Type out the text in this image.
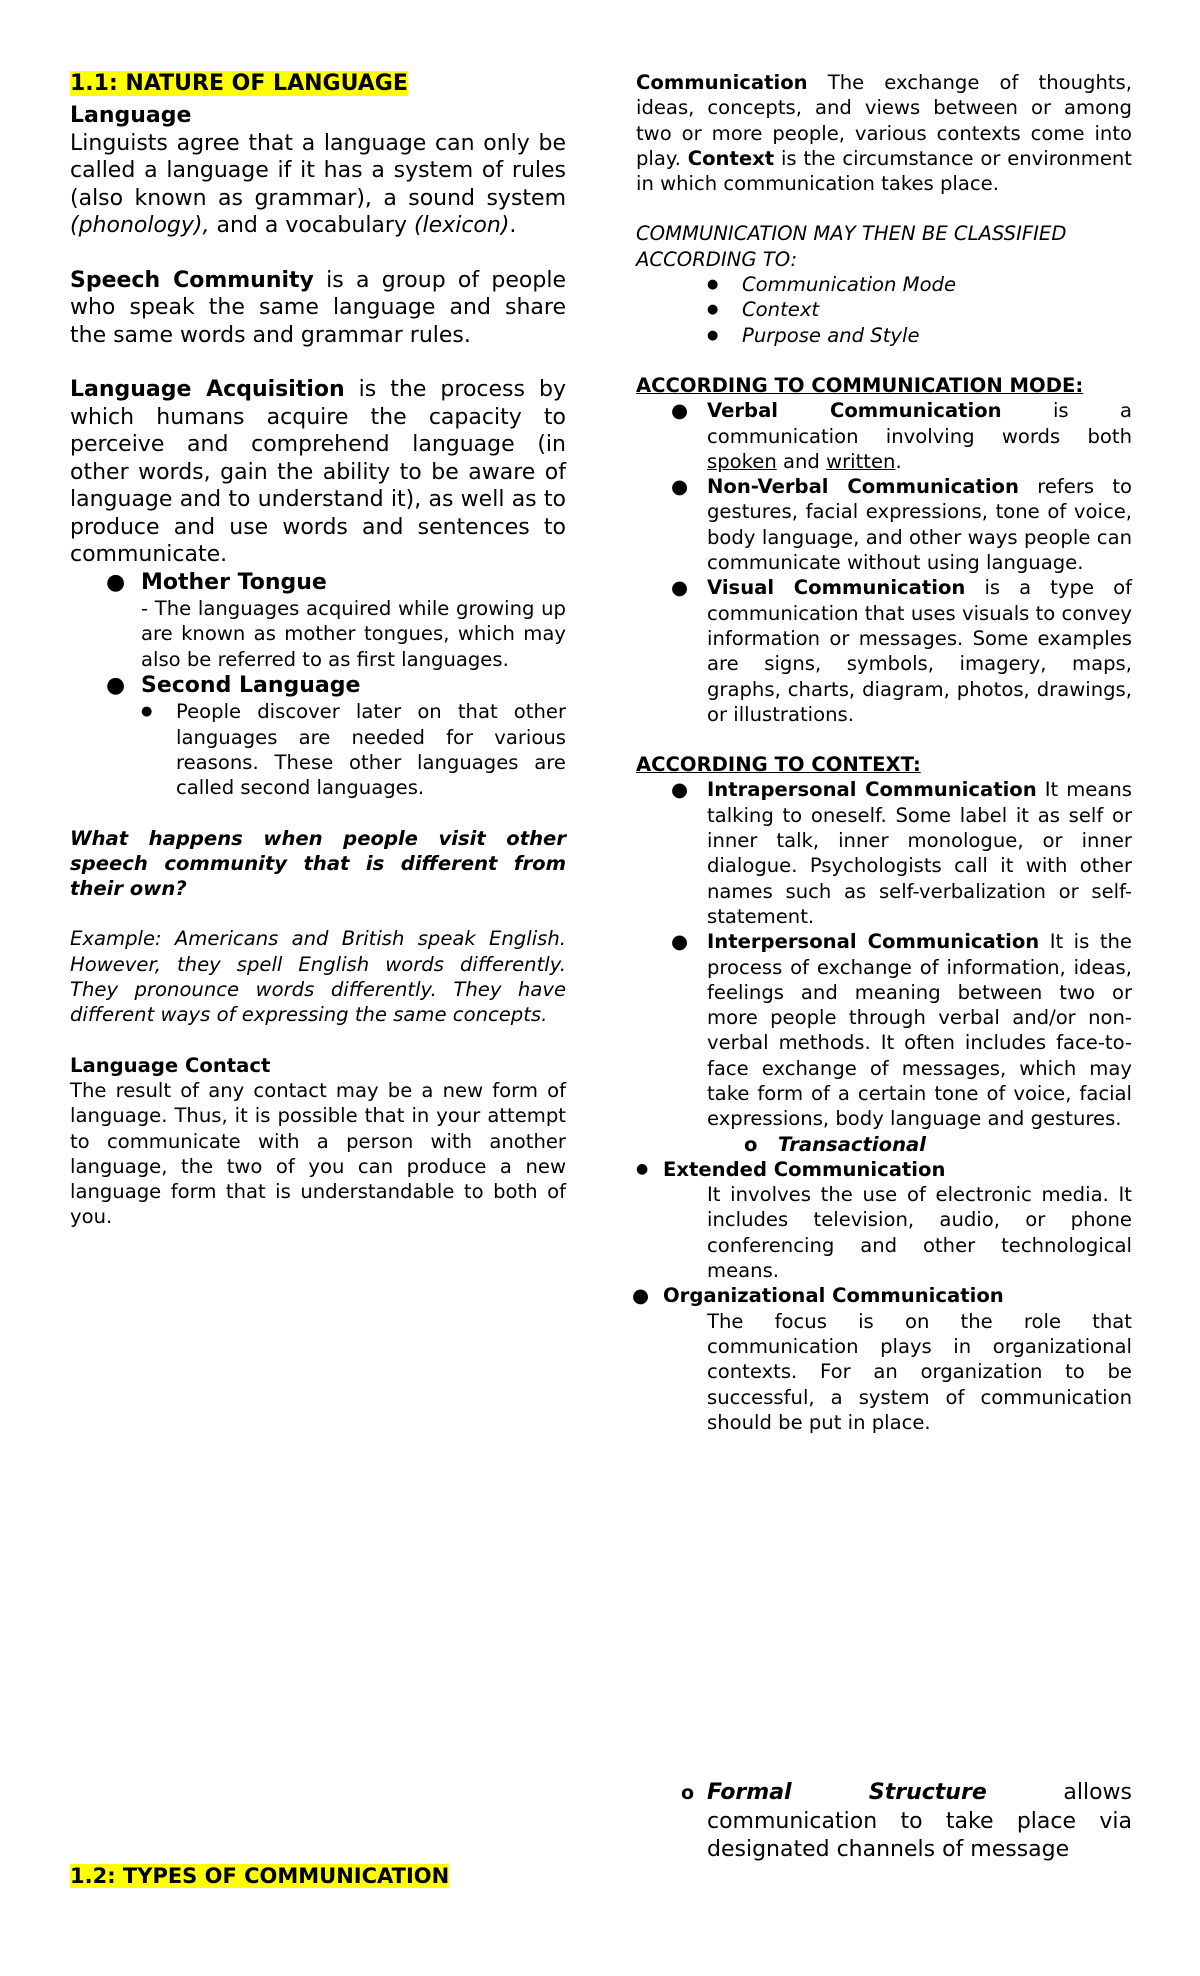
1.1: NATURE OF LANGUAGE

Language

Linguists agree that a language can only be called a language if it has a system of rules (also known as grammar), a sound system (phonology), and a vocabulary (lexicon).

Speech Community is a group of people who speak the same language and share the same words and grammar rules.

Language Acquisition is the process by which humans acquire the capacity to perceive and comprehend language (in other words, gain the ability to be aware of language and to understand it), as well as to produce and use words and sentences to communicate.

● Mother Tongue

- The languages acquired while growing up are known as mother tongues, which may also be referred to as first languages.

● Second Language
● People discover later on that other languages are needed for various reasons. These other languages are called second languages.

What happens when people visit other speech community that is different from their own?

Example: Americans and British speak English. However, they spell English words differently. They pronounce words differently. They have different ways of expressing the same concepts.

Language Contact

The result of any contact may be a new form of language. Thus, it is possible that in your attempt to communicate with a person with another language, the two of you can produce a new language form that is understandable to both of you.

1.2: TYPES OF COMMUNICATION

Communication The exchange of thoughts, ideas, concepts, and views between or among two or more people, various contexts come into play. Context is the circumstance or environment in which communication takes place.

COMMUNICATION MAY THEN BE CLASSIFIED ACCORDING TO:

● Communication Mode
● Context
● Purpose and Style

ACCORDING TO COMMUNICATION MODE:

● Verbal Communication is a communication involving words both spoken and written.

● Non-Verbal Communication refers to gestures, facial expressions, tone of voice, body language, and other ways people can communicate without using language.

● Visual Communication is a type of communication that uses visuals to convey information or messages. Some examples are signs, symbols, imagery, maps, graphs, charts, diagram, photos, drawings, or illustrations.

ACCORDING TO CONTEXT:

● Intrapersonal Communication It means talking to oneself. Some label it as self or inner talk, inner monologue, or inner dialogue. Psychologists call it with other names such as self-verbalization or self-statement.

● Interpersonal Communication It is the process of exchange of information, ideas, feelings and meaning between two or more people through verbal and/or non-verbal methods. It often includes face-to-face exchange of messages, which may take form of a certain tone of voice, facial expressions, body language and gestures.

o Transactional
● Extended Communication

It involves the use of electronic media. It includes television, audio, or phone conferencing and other technological means.

● Organizational Communication

The focus is on the role that communication plays in organizational contexts. For an organization to be successful, a system of communication should be put in place.

o Formal Structure allows communication to take place via designated channels of message
